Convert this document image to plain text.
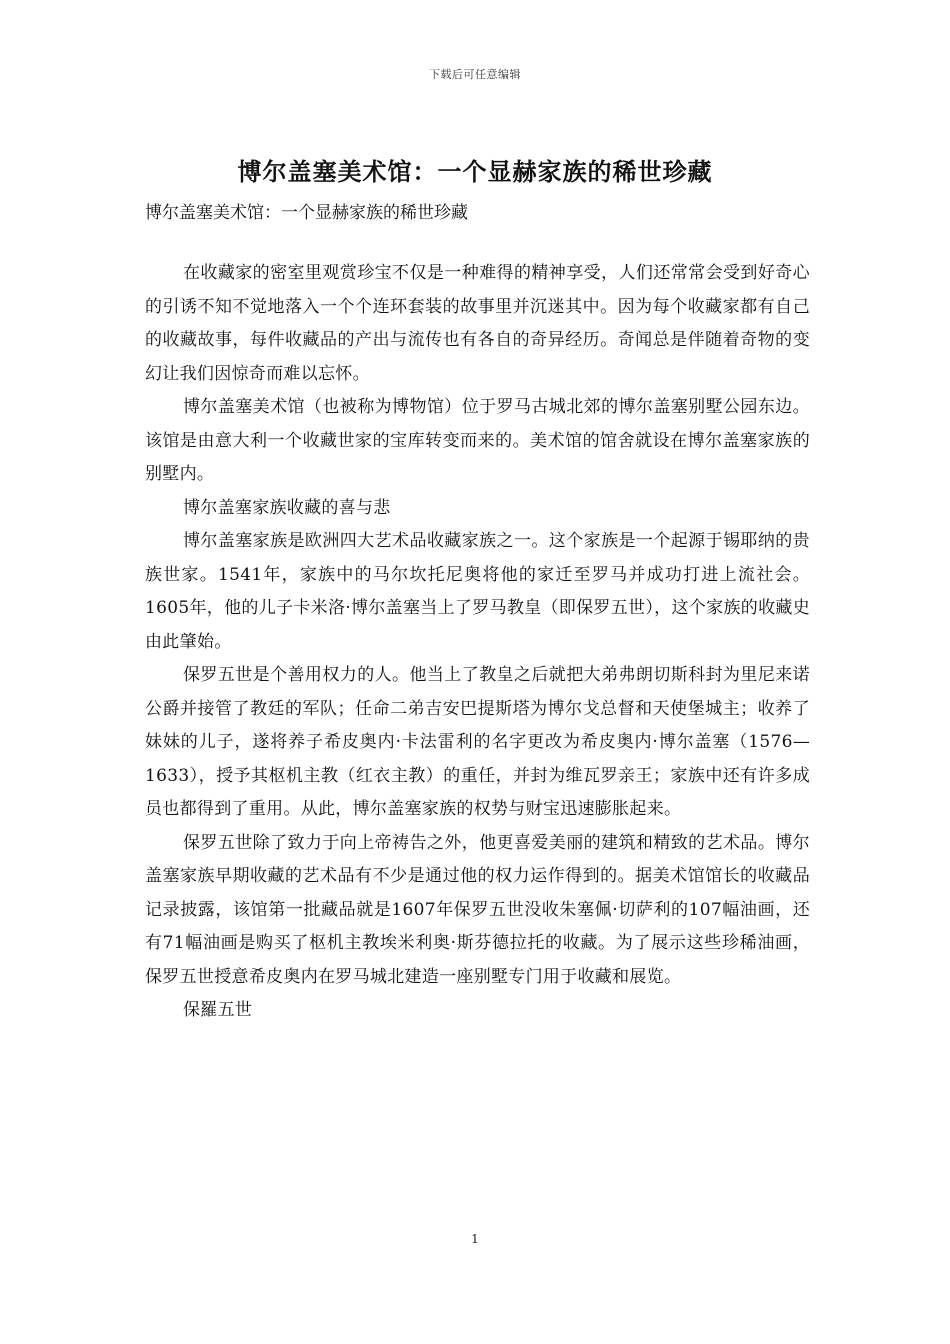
下载后可任意编辑
博尔盖塞美术馆：一个显赫家族的稀世珍藏

博尔盖塞美术馆：一个显赫家族的稀世珍藏

在收藏家的密室里观赏珍宝不仅是一种难得的精神享受，人们还常常会受到好奇心的引诱不知不觉地落入一个个连环套装的故事里并沉迷其中。因为每个收藏家都有自己的收藏故事，每件收藏品的产出与流传也有各自的奇异经历。奇闻总是伴随着奇物的变幻让我们因惊奇而难以忘怀。

博尔盖塞美术馆（也被称为博物馆）位于罗马古城北郊的博尔盖塞别墅公园东边。该馆是由意大利一个收藏世家的宝库转变而来的。美术馆的馆舍就设在博尔盖塞家族的别墅内。

博尔盖塞家族收藏的喜与悲

博尔盖塞家族是欧洲四大艺术品收藏家族之一。这个家族是一个起源于锡耶纳的贵族世家。1541年，家族中的马尔坎托尼奥将他的家迁至罗马并成功打进上流社会。1605年，他的儿子卡米洛·博尔盖塞当上了罗马教皇（即保罗五世），这个家族的收藏史由此肇始。

保罗五世是个善用权力的人。他当上了教皇之后就把大弟弗朗切斯科封为里尼来诺公爵并接管了教廷的军队；任命二弟吉安巴提斯塔为博尔戈总督和天使堡城主；收养了妹妹的儿子，遂将养子希皮奥内·卡法雷利的名字更改为希皮奥内·博尔盖塞（1576—1633），授予其枢机主教（红衣主教）的重任，并封为维瓦罗亲王；家族中还有许多成员也都得到了重用。从此，博尔盖塞家族的权势与财宝迅速膨胀起来。

保罗五世除了致力于向上帝祷告之外，他更喜爱美丽的建筑和精致的艺术品。博尔盖塞家族早期收藏的艺术品有不少是通过他的权力运作得到的。据美术馆馆长的收藏品记录披露，该馆第一批藏品就是1607年保罗五世没收朱塞佩·切萨利的107幅油画，还有71幅油画是购买了枢机主教埃米利奥·斯芬德拉托的收藏。为了展示这些珍稀油画，保罗五世授意希皮奥内在罗马城北建造一座别墅专门用于收藏和展览。

保羅五世

1
